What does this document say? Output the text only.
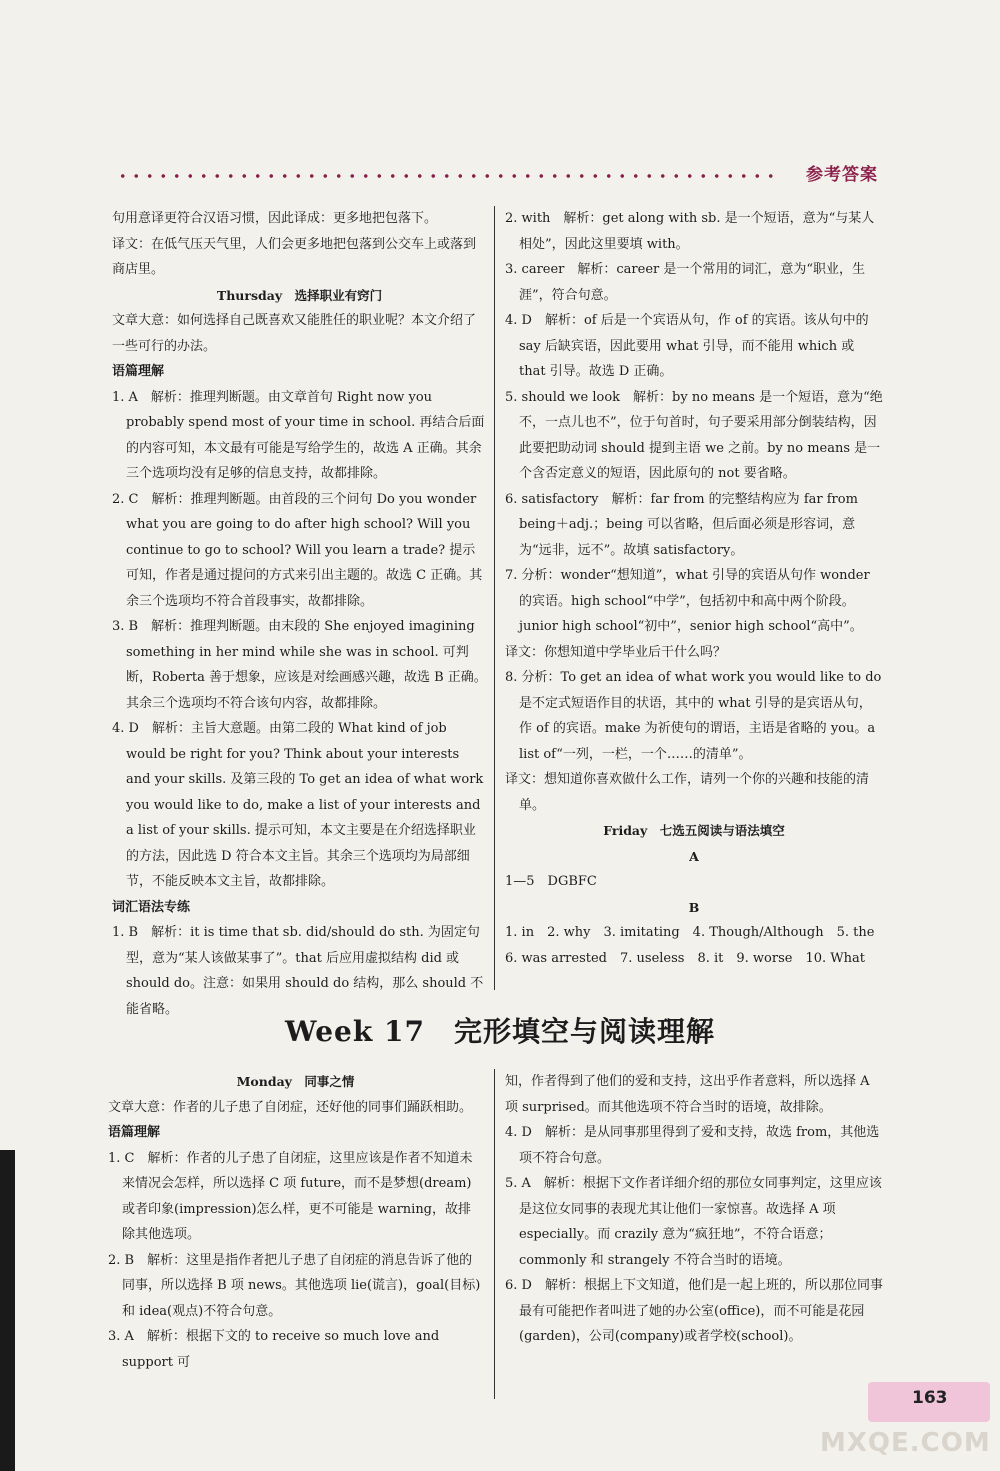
参考答案

句用意译更符合汉语习惯，因此译成：更多地把包落下。

译文：在低气压天气里，人们会更多地把包落到公交车上或落到商店里。

Thursday　选择职业有窍门

文章大意：如何选择自己既喜欢又能胜任的职业呢？本文介绍了一些可行的办法。

语篇理解

1. A　解析：推理判断题。由文章首句 Right now you probably spend most of your time in school. 再结合后面的内容可知，本文最有可能是写给学生的，故选 A 正确。其余三个选项均没有足够的信息支持，故都排除。

2. C　解析：推理判断题。由首段的三个问句 Do you wonder what you are going to do after high school? Will you continue to go to school? Will you learn a trade? 提示可知，作者是通过提问的方式来引出主题的。故选 C 正确。其余三个选项均不符合首段事实，故都排除。

3. B　解析：推理判断题。由末段的 She enjoyed imagining something in her mind while she was in school. 可判断，Roberta 善于想象，应该是对绘画感兴趣，故选 B 正确。其余三个选项均不符合该句内容，故都排除。

4. D　解析：主旨大意题。由第二段的 What kind of job would be right for you? Think about your interests and your skills. 及第三段的 To get an idea of what work you would like to do, make a list of your interests and a list of your skills. 提示可知，本文主要是在介绍选择职业的方法，因此选 D 符合本文主旨。其余三个选项均为局部细节，不能反映本文主旨，故都排除。

词汇语法专练

1. B　解析：it is time that sb. did/should do sth. 为固定句型，意为“某人该做某事了”。that 后应用虚拟结构 did 或 should do。注意：如果用 should do 结构，那么 should 不能省略。

2. with　解析：get along with sb. 是一个短语，意为“与某人相处”，因此这里要填 with。

3. career　解析：career 是一个常用的词汇，意为“职业，生涯”，符合句意。

4. D　解析：of 后是一个宾语从句，作 of 的宾语。该从句中的 say 后缺宾语，因此要用 what 引导，而不能用 which 或 that 引导。故选 D 正确。

5. should we look　解析：by no means 是一个短语，意为“绝不，一点儿也不”，位于句首时，句子要采用部分倒装结构，因此要把助动词 should 提到主语 we 之前。by no means 是一个含否定意义的短语，因此原句的 not 要省略。

6. satisfactory　解析：far from 的完整结构应为 far from being＋adj.；being 可以省略，但后面必须是形容词，意为“远非，远不”。故填 satisfactory。

7. 分析：wonder“想知道”，what 引导的宾语从句作 wonder 的宾语。high school“中学”，包括初中和高中两个阶段。junior high school“初中”，senior high school“高中”。

译文：你想知道中学毕业后干什么吗？

8. 分析：To get an idea of what work you would like to do 是不定式短语作目的状语，其中的 what 引导的是宾语从句，作 of 的宾语。make 为祈使句的谓语，主语是省略的 you。a list of“一列，一栏，一个……的清单”。

译文：想知道你喜欢做什么工作，请列一个你的兴趣和技能的清单。

Friday　七选五阅读与语法填空

A

1—5　DGBFC

B

1. in　2. why　3. imitating　4. Though/Although　5. the　6. was arrested　7. useless　8. it　9. worse　10. What

Week 17　完形填空与阅读理解

Monday　同事之情

文章大意：作者的儿子患了自闭症，还好他的同事们踊跃相助。

语篇理解

1. C　解析：作者的儿子患了自闭症，这里应该是作者不知道未来情况会怎样，所以选择 C 项 future，而不是梦想(dream)或者印象(impression)怎么样，更不可能是 warning，故排除其他选项。

2. B　解析：这里是指作者把儿子患了自闭症的消息告诉了他的同事，所以选择 B 项 news。其他选项 lie(谎言)，goal(目标)和 idea(观点)不符合句意。

3. A　解析：根据下文的 to receive so much love and support 可

知，作者得到了他们的爱和支持，这出乎作者意料，所以选择 A 项 surprised。而其他选项不符合当时的语境，故排除。

4. D　解析：是从同事那里得到了爱和支持，故选 from，其他选项不符合句意。

5. A　解析：根据下文作者详细介绍的那位女同事判定，这里应该是这位女同事的表现尤其让他们一家惊喜。故选择 A 项 especially。而 crazily 意为“疯狂地”，不符合语意；commonly 和 strangely 不符合当时的语境。

6. D　解析：根据上下文知道，他们是一起上班的，所以那位同事最有可能把作者叫进了她的办公室(office)，而不可能是花园(garden)，公司(company)或者学校(school)。

163
MXQE.COM
